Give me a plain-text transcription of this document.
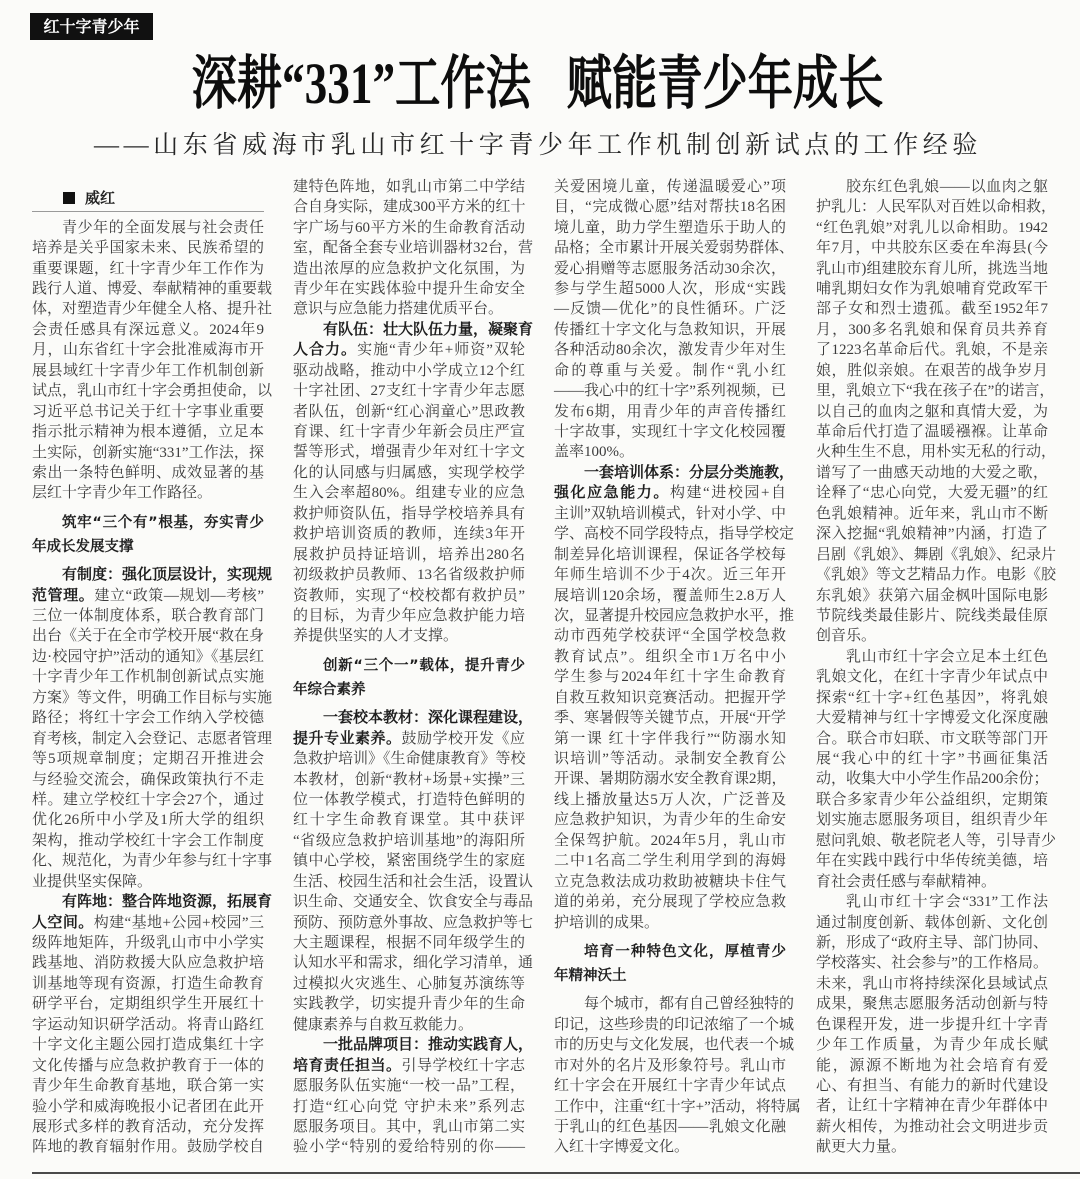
红十字青少年
深耕“331”工作法 赋能青少年成长
——山东省威海市乳山市红十字青少年工作机制创新试点的工作经验
威红
青少年的全面发展与社会责任
培养是关乎国家未来、民族希望的
重要课题，红十字青少年工作作为
践行人道、博爱、奉献精神的重要载
体，对塑造青少年健全人格、提升社
会责任感具有深远意义。2024年9
月，山东省红十字会批准威海市开
展县域红十字青少年工作机制创新
试点，乳山市红十字会勇担使命，以
习近平总书记关于红十字事业重要
指示批示精神为根本遵循，立足本
土实际，创新实施“331”工作法，探
索出一条特色鲜明、成效显著的基
层红十字青少年工作路径。
筑牢“三个有”根基，夯实青少
年成长发展支撑
有制度：强化顶层设计，实现规
范管理。建立“政策—规划—考核”
三位一体制度体系，联合教育部门
出台《关于在全市学校开展“救在身
边·校园守护”活动的通知》《基层红
十字青少年工作机制创新试点实施
方案》等文件，明确工作目标与实施
路径；将红十字会工作纳入学校德
育考核，制定入会登记、志愿者管理
等5项规章制度；定期召开推进会
与经验交流会，确保政策执行不走
样。建立学校红十字会27个，通过
优化26所中小学及1所大学的组织
架构，推动学校红十字会工作制度
化、规范化，为青少年参与红十字事
业提供坚实保障。
有阵地：整合阵地资源，拓展育
人空间。构建“基地+公园+校园”三
级阵地矩阵，升级乳山市中小学实
践基地、消防救援大队应急救护培
训基地等现有资源，打造生命教育
研学平台，定期组织学生开展红十
字运动知识研学活动。将青山路红
十字文化主题公园打造成集红十字
文化传播与应急救护教育于一体的
青少年生命教育基地，联合第一实
验小学和威海晚报小记者团在此开
展形式多样的教育活动，充分发挥
阵地的教育辐射作用。鼓励学校自
建特色阵地，如乳山市第二中学结
合自身实际，建成300平方米的红十
字广场与60平方米的生命教育活动
室，配备全套专业培训器材32台，营
造出浓厚的应急救护文化氛围，为
青少年在实践体验中提升生命安全
意识与应急能力搭建优质平台。
有队伍：壮大队伍力量，凝聚育
人合力。实施“青少年+师资”双轮
驱动战略，推动中小学成立12个红
十字社团、27支红十字青少年志愿
者队伍，创新“红心润童心”思政教
育课、红十字青少年新会员庄严宣
誓等形式，增强青少年对红十字文
化的认同感与归属感，实现学校学
生入会率超80%。组建专业的应急
救护师资队伍，指导学校培养具有
救护培训资质的教师，连续3年开
展救护员持证培训，培养出280名
初级救护员教师、13名省级救护师
资教师，实现了“校校都有救护员”
的目标，为青少年应急救护能力培
养提供坚实的人才支撑。
创新“三个一”载体，提升青少
年综合素养
一套校本教材：深化课程建设，
提升专业素养。鼓励学校开发《应
急救护培训》《生命健康教育》等校
本教材，创新“教材+场景+实操”三
位一体教学模式，打造特色鲜明的
红十字生命教育课堂。其中获评
“省级应急救护培训基地”的海阳所
镇中心学校，紧密围绕学生的家庭
生活、校园生活和社会生活，设置认
识生命、交通安全、饮食安全与毒品
预防、预防意外事故、应急救护等七
大主题课程，根据不同年级学生的
认知水平和需求，细化学习清单，通
过模拟火灾逃生、心肺复苏演练等
实践教学，切实提升青少年的生命
健康素养与自救互救能力。
一批品牌项目：推动实践育人，
培育责任担当。引导学校红十字志
愿服务队伍实施“一校一品”工程，
打造“红心向党 守护未来”系列志
愿服务项目。其中，乳山市第二实
验小学“特别的爱给特别的你——
关爱困境儿童，传递温暖爱心”项
目，“完成微心愿”结对帮扶18名困
境儿童，助力学生塑造乐于助人的
品格；全市累计开展关爱弱势群体、
爱心捐赠等志愿服务活动30余次，
参与学生超5000人次，形成“实践
—反馈—优化”的良性循环。广泛
传播红十字文化与急救知识，开展
各种活动80余次，激发青少年对生
命的尊重与关爱。制作“乳小红
——我心中的红十字”系列视频，已
发布6期，用青少年的声音传播红
十字故事，实现红十字文化校园覆
盖率100%。
一套培训体系：分层分类施教，
强化应急能力。构建“进校园+自
主训”双轨培训模式，针对小学、中
学、高校不同学段特点，指导学校定
制差异化培训课程，保证各学校每
年师生培训不少于4次。近三年开
展培训120余场，覆盖师生2.8万人
次，显著提升校园应急救护水平，推
动市西苑学校获评“全国学校急救
教育试点”。组织全市1万名中小
学生参与2024年红十字生命教育
自救互救知识竞赛活动。把握开学
季、寒暑假等关键节点，开展“开学
第一课 红十字伴我行”“防溺水知
识培训”等活动。录制安全教育公
开课、暑期防溺水安全教育课2期，
线上播放量达5万人次，广泛普及
应急救护知识，为青少年的生命安
全保驾护航。2024年5月，乳山市
二中1名高二学生利用学到的海姆
立克急救法成功救助被糖块卡住气
道的弟弟，充分展现了学校应急救
护培训的成果。
培育一种特色文化，厚植青少
年精神沃土
每个城市，都有自己曾经独特的
印记，这些珍贵的印记浓缩了一个城
市的历史与文化发展，也代表一个城
市对外的名片及形象符号。乳山市
红十字会在开展红十字青少年试点
工作中，注重“红十字+”活动，将特属
于乳山的红色基因——乳娘文化融
入红十字博爱文化。
胶东红色乳娘——以血肉之躯
护乳儿：人民军队对百姓以命相救，
“红色乳娘”对乳儿以命相助。1942
年7月，中共胶东区委在牟海县(今
乳山市)组建胶东育儿所，挑选当地
哺乳期妇女作为乳娘哺育党政军干
部子女和烈士遗孤。截至1952年7
月，300多名乳娘和保育员共养育
了1223名革命后代。乳娘，不是亲
娘，胜似亲娘。在艰苦的战争岁月
里，乳娘立下“我在孩子在”的诺言，
以自己的血肉之躯和真情大爱，为
革命后代打造了温暖襁褓。让革命
火种生生不息，用朴实无私的行动，
谱写了一曲感天动地的大爱之歌，
诠释了“忠心向党，大爱无疆”的红
色乳娘精神。近年来，乳山市不断
深入挖掘“乳娘精神”内涵，打造了
吕剧《乳娘》、舞剧《乳娘》、纪录片
《乳娘》等文艺精品力作。电影《胶
东乳娘》获第六届金枫叶国际电影
节院线类最佳影片、院线类最佳原
创音乐。
乳山市红十字会立足本土红色
乳娘文化，在红十字青少年试点中
探索“红十字+红色基因”，将乳娘
大爱精神与红十字博爱文化深度融
合。联合市妇联、市文联等部门开
展“我心中的红十字”书画征集活
动，收集大中小学生作品200余份；
联合多家青少年公益组织，定期策
划实施志愿服务项目，组织青少年
慰问乳娘、敬老院老人等，引导青少
年在实践中践行中华传统美德，培
育社会责任感与奉献精神。
乳山市红十字会“331”工作法
通过制度创新、载体创新、文化创
新，形成了“政府主导、部门协同、
学校落实、社会参与”的工作格局。
未来，乳山市将持续深化县域试点
成果，聚焦志愿服务活动创新与特
色课程开发，进一步提升红十字青
少年工作质量，为青少年成长赋
能，源源不断地为社会培育有爱
心、有担当、有能力的新时代建设
者，让红十字精神在青少年群体中
薪火相传，为推动社会文明进步贡
献更大力量。
